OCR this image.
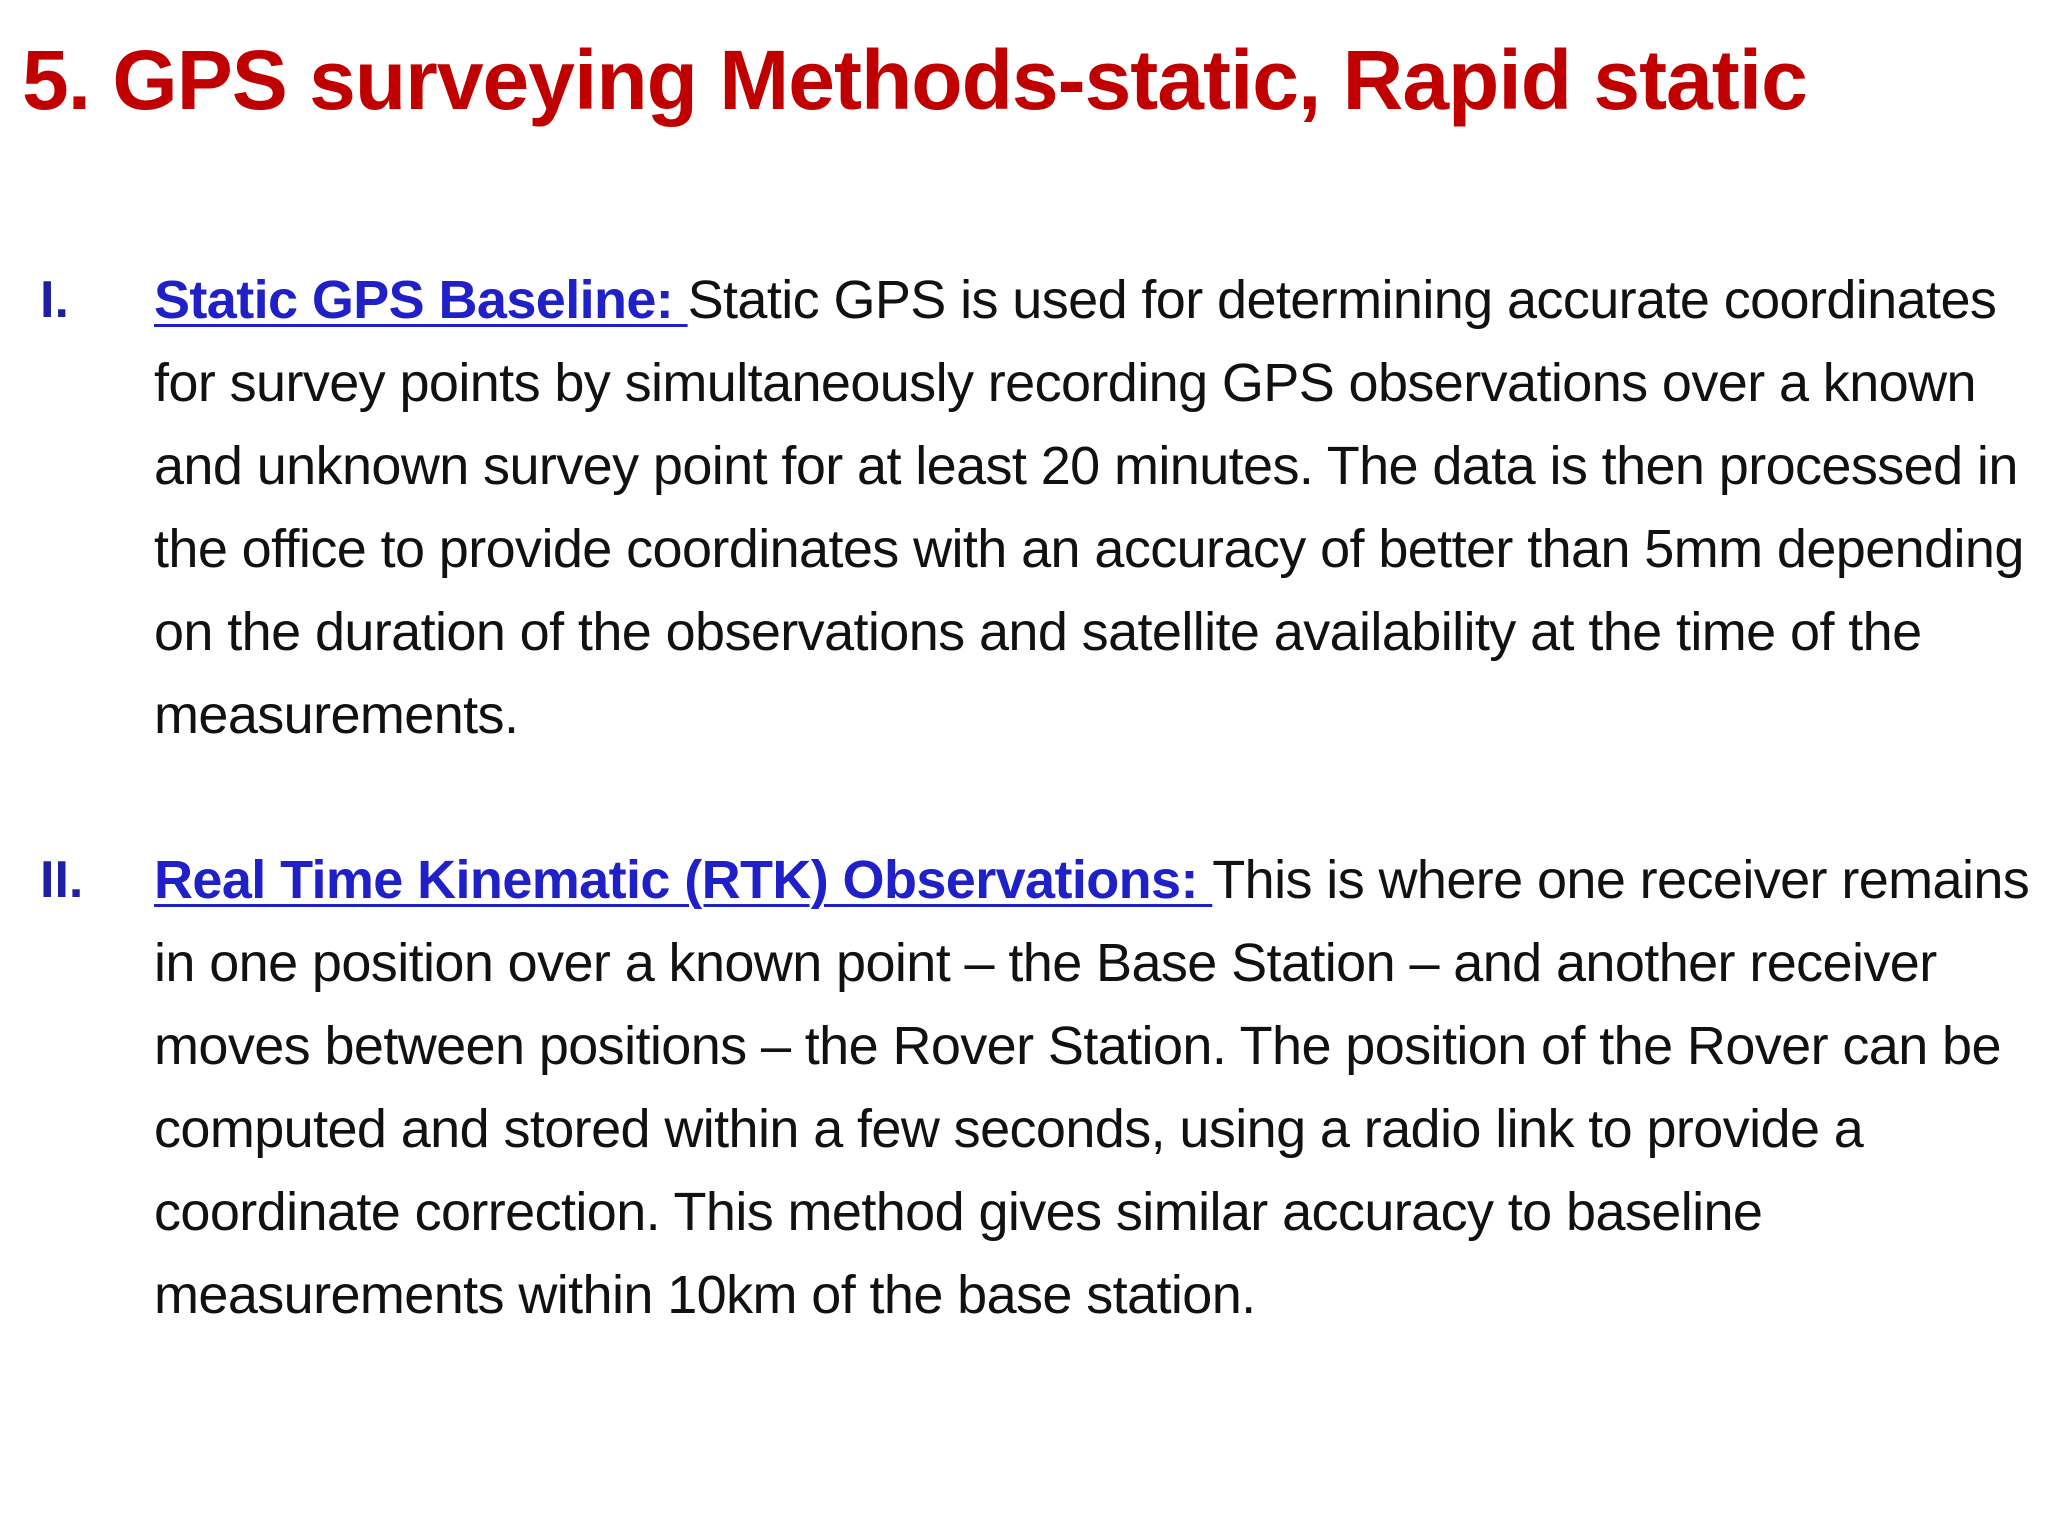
5. GPS surveying Methods-static, Rapid static
I. Static GPS Baseline: Static GPS is used for determining accurate coordinates for survey points by simultaneously recording GPS observations over a known and unknown survey point for at least 20 minutes. The data is then processed in the office to provide coordinates with an accuracy of better than 5mm depending on the duration of the observations and satellite availability at the time of the measurements.

II. Real Time Kinematic (RTK) Observations: This is where one receiver remains in one position over a known point – the Base Station – and another receiver moves between positions – the Rover Station. The position of the Rover can be computed and stored within a few seconds, using a radio link to provide a coordinate correction. This method gives similar accuracy to baseline measurements within 10km of the base station.
